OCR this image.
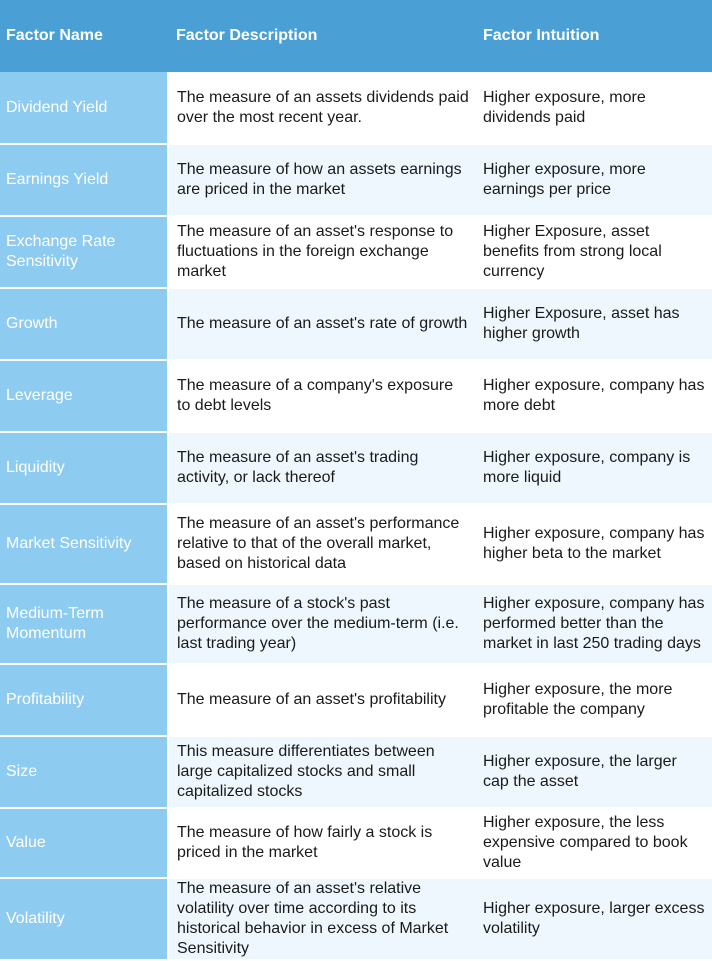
Factor Name	Factor Description	Factor Intuition
Dividend Yield	The measure of an assets dividends paid over the most recent year.	Higher exposure, more dividends paid
Earnings Yield	The measure of how an assets earnings are priced in the market	Higher exposure, more earnings per price
Exchange Rate Sensitivity	The measure of an asset's response to fluctuations in the foreign exchange market	Higher Exposure, asset benefits from strong local currency
Growth	The measure of an asset's rate of growth	Higher Exposure, asset has higher growth
Leverage	The measure of a company's exposure to debt levels	Higher exposure, company has more debt
Liquidity	The measure of an asset's trading activity, or lack thereof	Higher exposure, company is more liquid
Market Sensitivity	The measure of an asset's performance relative to that of the overall market, based on historical data	Higher exposure, company has higher beta to the market
Medium-Term Momentum	The measure of a stock's past performance over the medium-term (i.e. last trading year)	Higher exposure, company has performed better than the market in last 250 trading days
Profitability	The measure of an asset's profitability	Higher exposure, the more profitable the company
Size	This measure differentiates between large capitalized stocks and small capitalized stocks	Higher exposure, the larger cap the asset
Value	The measure of how fairly a stock is priced in the market	Higher exposure, the less expensive compared to book value
Volatility	The measure of an asset's relative volatility over time according to its historical behavior in excess of Market Sensitivity	Higher exposure, larger excess volatility
